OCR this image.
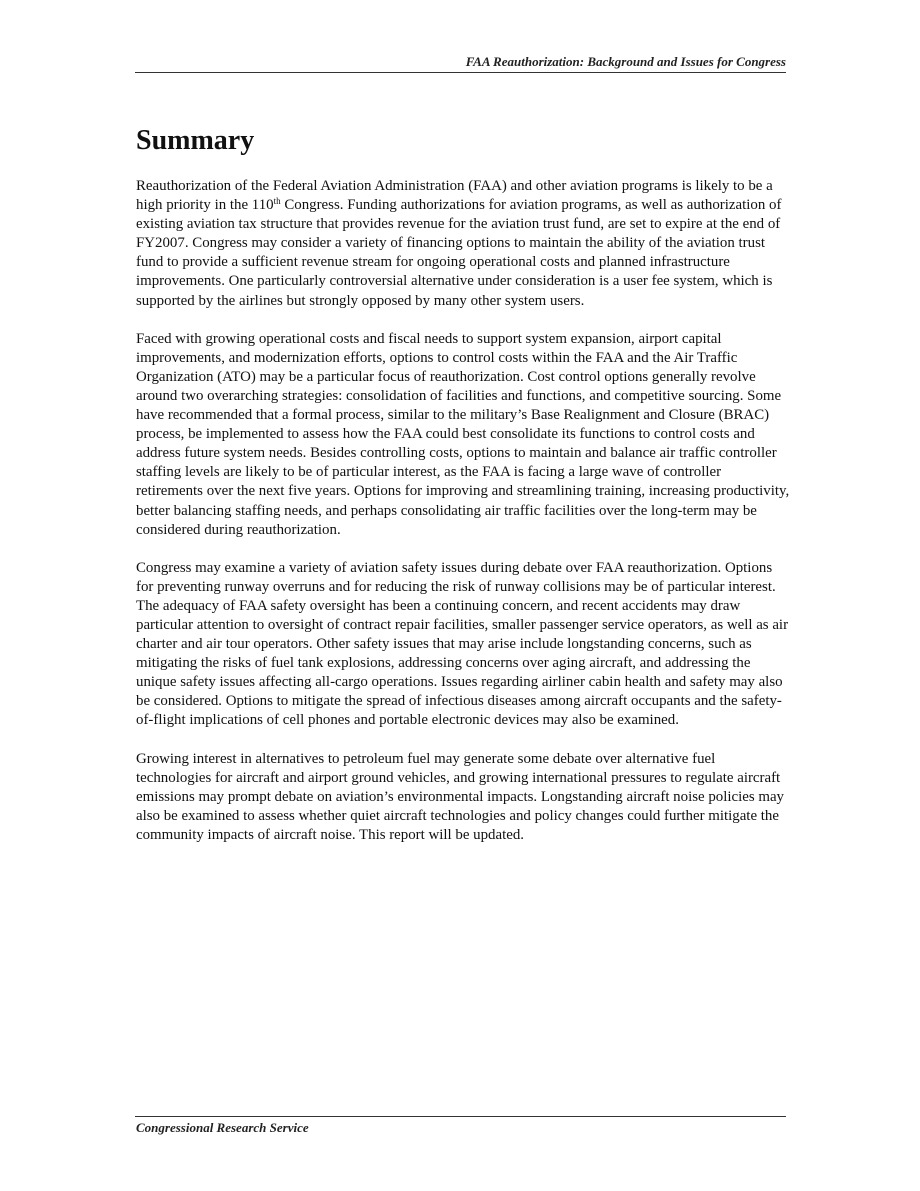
FAA Reauthorization: Background and Issues for Congress
Summary

Reauthorization of the Federal Aviation Administration (FAA) and other aviation programs is likely to be a high priority in the 110th Congress. Funding authorizations for aviation programs, as well as authorization of existing aviation tax structure that provides revenue for the aviation trust fund, are set to expire at the end of FY2007. Congress may consider a variety of financing options to maintain the ability of the aviation trust fund to provide a sufficient revenue stream for ongoing operational costs and planned infrastructure improvements. One particularly controversial alternative under consideration is a user fee system, which is supported by the airlines but strongly opposed by many other system users.

Faced with growing operational costs and fiscal needs to support system expansion, airport capital improvements, and modernization efforts, options to control costs within the FAA and the Air Traffic Organization (ATO) may be a particular focus of reauthorization. Cost control options generally revolve around two overarching strategies: consolidation of facilities and functions, and competitive sourcing. Some have recommended that a formal process, similar to the military’s Base Realignment and Closure (BRAC) process, be implemented to assess how the FAA could best consolidate its functions to control costs and address future system needs. Besides controlling costs, options to maintain and balance air traffic controller staffing levels are likely to be of particular interest, as the FAA is facing a large wave of controller retirements over the next five years. Options for improving and streamlining training, increasing productivity, better balancing staffing needs, and perhaps consolidating air traffic facilities over the long-term may be considered during reauthorization.

Congress may examine a variety of aviation safety issues during debate over FAA reauthorization. Options for preventing runway overruns and for reducing the risk of runway collisions may be of particular interest. The adequacy of FAA safety oversight has been a continuing concern, and recent accidents may draw particular attention to oversight of contract repair facilities, smaller passenger service operators, as well as air charter and air tour operators. Other safety issues that may arise include longstanding concerns, such as mitigating the risks of fuel tank explosions, addressing concerns over aging aircraft, and addressing the unique safety issues affecting all-cargo operations. Issues regarding airliner cabin health and safety may also be considered. Options to mitigate the spread of infectious diseases among aircraft occupants and the safety-of-flight implications of cell phones and portable electronic devices may also be examined.

Growing interest in alternatives to petroleum fuel may generate some debate over alternative fuel technologies for aircraft and airport ground vehicles, and growing international pressures to regulate aircraft emissions may prompt debate on aviation’s environmental impacts. Longstanding aircraft noise policies may also be examined to assess whether quiet aircraft technologies and policy changes could further mitigate the community impacts of aircraft noise. This report will be updated.

Congressional Research Service
